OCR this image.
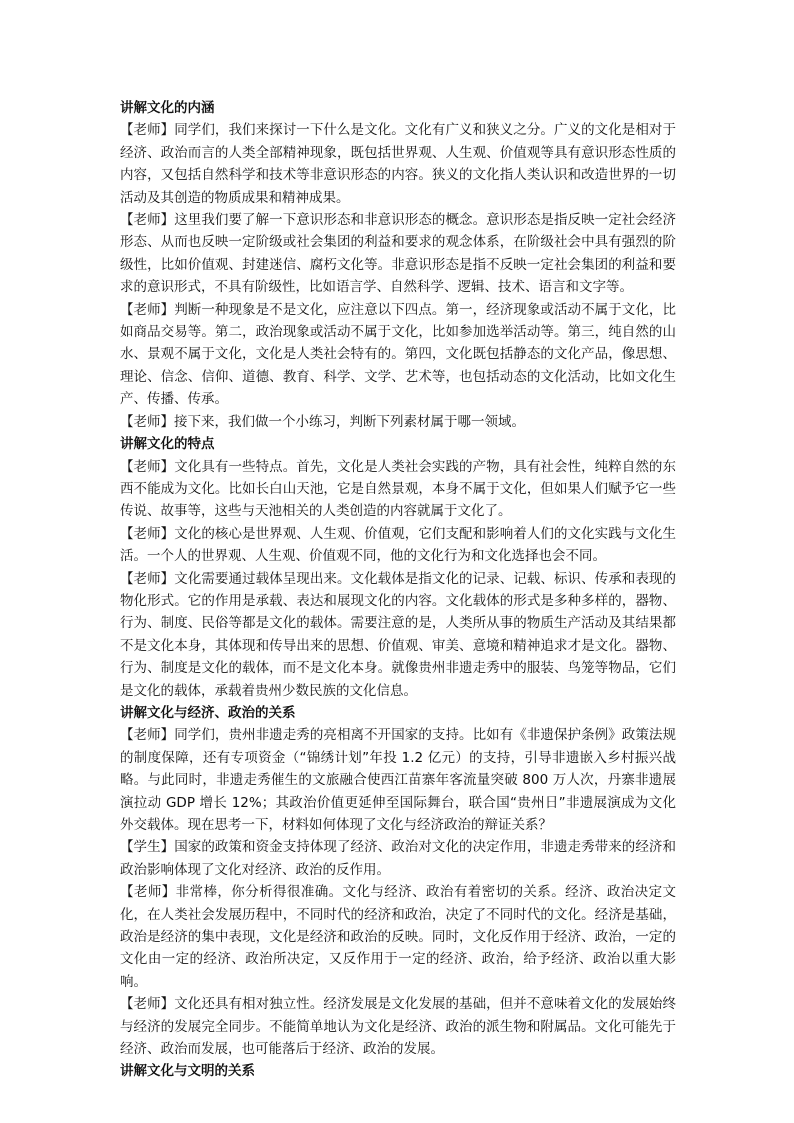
讲解文化的内涵

【老师】同学们，我们来探讨一下什么是文化。文化有广义和狭义之分。广义的文化是相对于经济、政治而言的人类全部精神现象，既包括世界观、人生观、价值观等具有意识形态性质的内容，又包括自然科学和技术等非意识形态的内容。狭义的文化指人类认识和改造世界的一切活动及其创造的物质成果和精神成果。

【老师】这里我们要了解一下意识形态和非意识形态的概念。意识形态是指反映一定社会经济形态、从而也反映一定阶级或社会集团的利益和要求的观念体系，在阶级社会中具有强烈的阶级性，比如价值观、封建迷信、腐朽文化等。非意识形态是指不反映一定社会集团的利益和要求的意识形式，不具有阶级性，比如语言学、自然科学、逻辑、技术、语言和文字等。

【老师】判断一种现象是不是文化，应注意以下四点。第一，经济现象或活动不属于文化，比如商品交易等。第二，政治现象或活动不属于文化，比如参加选举活动等。第三，纯自然的山水、景观不属于文化，文化是人类社会特有的。第四，文化既包括静态的文化产品，像思想、理论、信念、信仰、道德、教育、科学、文学、艺术等，也包括动态的文化活动，比如文化生产、传播、传承。

【老师】接下来，我们做一个小练习，判断下列素材属于哪一领域。

讲解文化的特点

【老师】文化具有一些特点。首先，文化是人类社会实践的产物，具有社会性，纯粹自然的东西不能成为文化。比如长白山天池，它是自然景观，本身不属于文化，但如果人们赋予它一些传说、故事等，这些与天池相关的人类创造的内容就属于文化了。

【老师】文化的核心是世界观、人生观、价值观，它们支配和影响着人们的文化实践与文化生活。一个人的世界观、人生观、价值观不同，他的文化行为和文化选择也会不同。

【老师】文化需要通过载体呈现出来。文化载体是指文化的记录、记载、标识、传承和表现的物化形式。它的作用是承载、表达和展现文化的内容。文化载体的形式是多种多样的，器物、行为、制度、民俗等都是文化的载体。需要注意的是，人类所从事的物质生产活动及其结果都不是文化本身，其体现和传导出来的思想、价值观、审美、意境和精神追求才是文化。器物、行为、制度是文化的载体，而不是文化本身。就像贵州非遗走秀中的服装、鸟笼等物品，它们是文化的载体，承载着贵州少数民族的文化信息。

讲解文化与经济、政治的关系

【老师】同学们，贵州非遗走秀的亮相离不开国家的支持。比如有《非遗保护条例》政策法规的制度保障，还有专项资金（“锦绣计划”年投 1.2 亿元）的支持，引导非遗嵌入乡村振兴战略。与此同时，非遗走秀催生的文旅融合使西江苗寨年客流量突破 800 万人次，丹寨非遗展演拉动 GDP 增长 12%；其政治价值更延伸至国际舞台，联合国“贵州日”非遗展演成为文化外交载体。现在思考一下，材料如何体现了文化与经济政治的辩证关系？

【学生】国家的政策和资金支持体现了经济、政治对文化的决定作用，非遗走秀带来的经济和政治影响体现了文化对经济、政治的反作用。

【老师】非常棒，你分析得很准确。文化与经济、政治有着密切的关系。经济、政治决定文化，在人类社会发展历程中，不同时代的经济和政治，决定了不同时代的文化。经济是基础，政治是经济的集中表现，文化是经济和政治的反映。同时，文化反作用于经济、政治，一定的文化由一定的经济、政治所决定，又反作用于一定的经济、政治，给予经济、政治以重大影响。

【老师】文化还具有相对独立性。经济发展是文化发展的基础，但并不意味着文化的发展始终与经济的发展完全同步。不能简单地认为文化是经济、政治的派生物和附属品。文化可能先于经济、政治而发展，也可能落后于经济、政治的发展。

讲解文化与文明的关系
